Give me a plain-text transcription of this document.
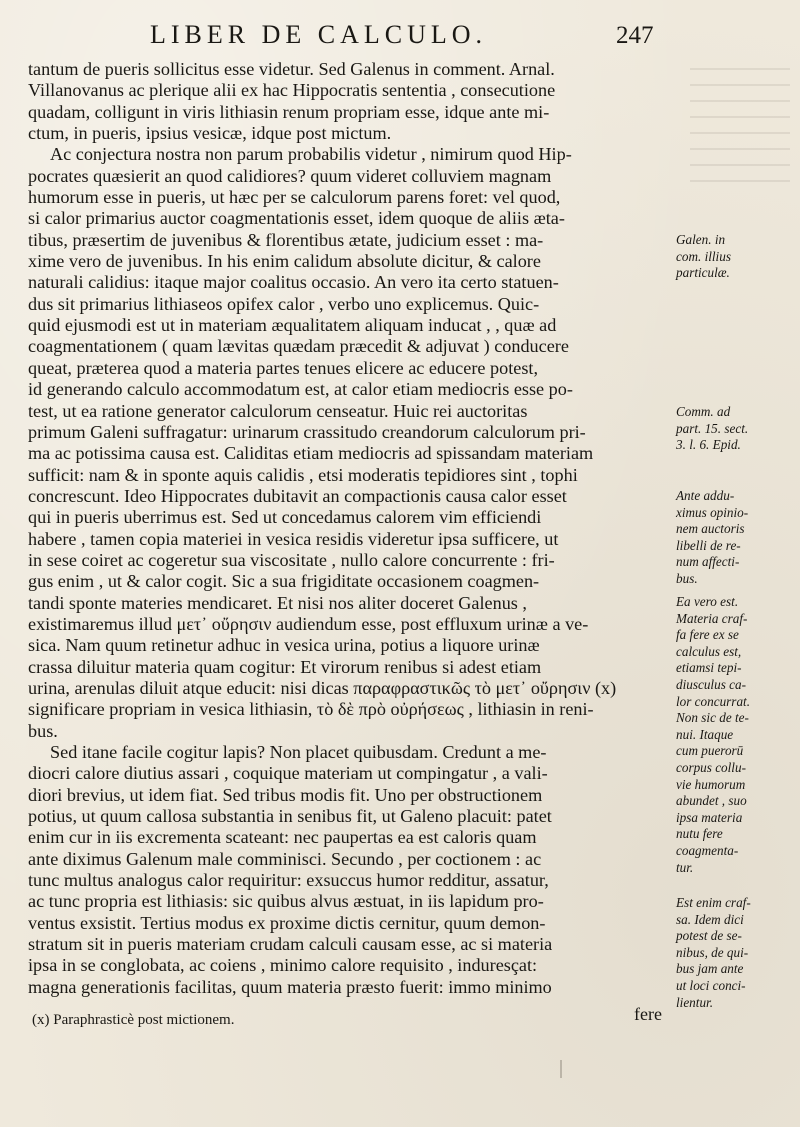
LIBER DE CALCULO.	247
tantum de pueris sollicitus esse videtur. Sed Galenus in comment. Arnal.
Villanovanus ac plerique alii ex hac Hippocratis sententia , consecutione
quadam, colligunt in viris lithiasin renum propriam esse, idque ante mi-
ctum, in pueris, ipsius vesicæ, idque post mictum.
Ac conjectura nostra non parum probabilis videtur , nimirum quod Hip-
pocrates quæsierit an quod calidiores? quum videret colluviem magnam
humorum esse in pueris, ut hæc per se calculorum parens foret: vel quod,
si calor primarius auctor coagmentationis esset, idem quoque de aliis æta-
tibus, præsertim de juvenibus & florentibus ætate, judicium esset : ma-
xime vero de juvenibus. In his enim calidum absolute dicitur, & calore
naturali calidius: itaque major coalitus occasio. An vero ita certo statuen-
dus sit primarius lithiaseos opifex calor , verbo uno explicemus. Quic-
quid ejusmodi est ut in materiam æqualitatem aliquam inducat , , quæ ad
coagmentationem ( quam lævitas quædam præcedit & adjuvat ) conducere
queat, præterea quod a materia partes tenues elicere ac educere potest,
id generando calculo accommodatum est, at calor etiam mediocris esse po-
test, ut ea ratione generator calculorum censeatur. Huic rei auctoritas
primum Galeni suffragatur: urinarum crassitudo creandorum calculorum pri-
ma ac potissima causa est. Caliditas etiam mediocris ad spissandam materiam
sufficit: nam & in sponte aquis calidis , etsi moderatis tepidiores sint , tophi
concrescunt. Ideo Hippocrates dubitavit an compactionis causa calor esset
qui in pueris uberrimus est. Sed ut concedamus calorem vim efficiendi
habere , tamen copia materiei in vesica residis videretur ipsa sufficere, ut
in sese coiret ac cogeretur sua viscositate , nullo calore concurrente : fri-
gus enim , ut & calor cogit. Sic a sua frigiditate occasionem coagmen-
tandi sponte materies mendicaret. Et nisi nos aliter doceret Galenus ,
existimaremus illud μετ᾽ οὔρησιν audiendum esse, post effluxum urinæ a ve-
sica. Nam quum retinetur adhuc in vesica urina, potius a liquore urinæ
crassa diluitur materia quam cogitur: Et virorum renibus si adest etiam
urina, arenulas diluit atque educit: nisi dicas παραφραστικῶς τὸ μετ᾽ οὔρησιν (x)
significare propriam in vesica lithiasin, τὸ δὲ πρὸ οὐρήσεως , lithiasin in reni-
bus.
Sed itane facile cogitur lapis? Non placet quibusdam. Credunt a me-
diocri calore diutius assari , coquique materiam ut compingatur , a vali-
diori brevius, ut idem fiat. Sed tribus modis fit. Uno per obstructionem
potius, ut quum callosa substantia in senibus fit, ut Galeno placuit: patet
enim cur in iis excrementa scateant: nec paupertas ea est caloris quam
ante diximus Galenum male comminisci. Secundo , per coctionem : ac
tunc multus analogus calor requiritur: exsuccus humor redditur, assatur,
ac tunc propria est lithiasis: sic quibus alvus æstuat, in iis lapidum pro-
ventus exsistit. Tertius modus ex proxime dictis cernitur, quum demon-
stratum sit in pueris materiam crudam calculi causam esse, ac si materia
ipsa in se conglobata, ac coiens , minimo calore requisito , induresçat:
magna generationis facilitas, quum materia præsto fuerit: immo minimo
fere
Galen. in
com. illius
particulæ.
Comm. ad
part. 15. sect.
3. l. 6. Epid.
Ante addu-
ximus opinio-
nem auctoris
libelli de re-
num affecti-
bus.
Ea vero est.
Materia craf-
fa fere ex se
calculus est,
etiamsi tepi-
diusculus ca-
lor concurrat.
Non sic de te-
nui. Itaque
cum puerorū
corpus collu-
vie humorum
abundet , suo
ipsa materia
nutu fere
coagmenta-
tur.
Est enim craf-
sa. Idem dici
potest de se-
nibus, de qui-
bus jam ante
ut loci conci-
lientur.
(x) Paraphrasticè post mictionem.
